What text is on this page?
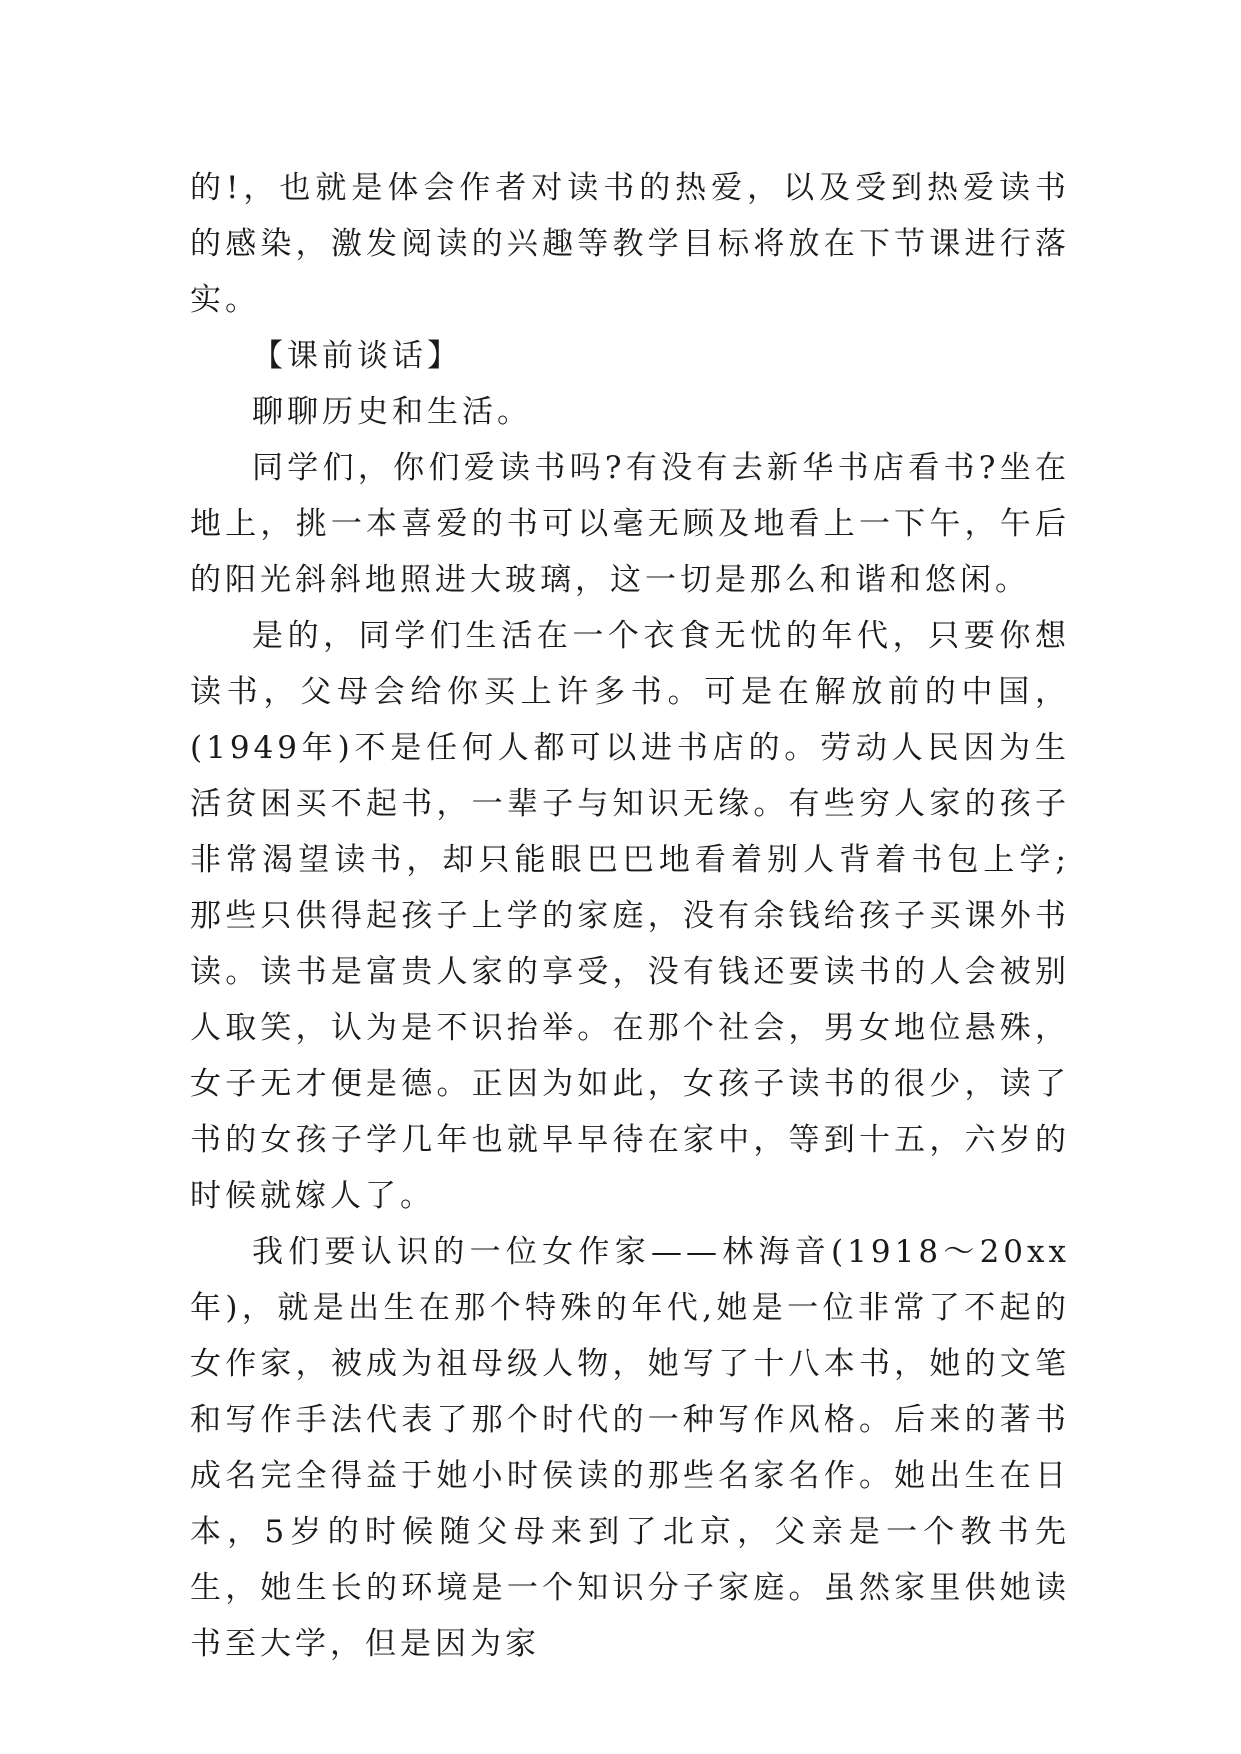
的!，也就是体会作者对读书的热爱，以及受到热爱读书的感染，激发阅读的兴趣等教学目标将放在下节课进行落实。

【课前谈话】

聊聊历史和生活。

同学们，你们爱读书吗?有没有去新华书店看书?坐在地上，挑一本喜爱的书可以毫无顾及地看上一下午，午后的阳光斜斜地照进大玻璃，这一切是那么和谐和悠闲。

是的，同学们生活在一个衣食无忧的年代，只要你想读书，父母会给你买上许多书。可是在解放前的中国，(1949年)不是任何人都可以进书店的。劳动人民因为生活贫困买不起书，一辈子与知识无缘。有些穷人家的孩子非常渴望读书，却只能眼巴巴地看着别人背着书包上学;那些只供得起孩子上学的家庭，没有余钱给孩子买课外书读。读书是富贵人家的享受，没有钱还要读书的人会被别人取笑，认为是不识抬举。在那个社会，男女地位悬殊，女子无才便是德。正因为如此，女孩子读书的很少，读了书的女孩子学几年也就早早待在家中，等到十五，六岁的时候就嫁人了。

我们要认识的一位女作家——林海音(1918～20xx年)，就是出生在那个特殊的年代,她是一位非常了不起的女作家，被成为祖母级人物，她写了十八本书，她的文笔和写作手法代表了那个时代的一种写作风格。后来的著书成名完全得益于她小时侯读的那些名家名作。她出生在日本，5岁的时候随父母来到了北京，父亲是一个教书先生，她生长的环境是一个知识分子家庭。虽然家里供她读书至大学，但是因为家
